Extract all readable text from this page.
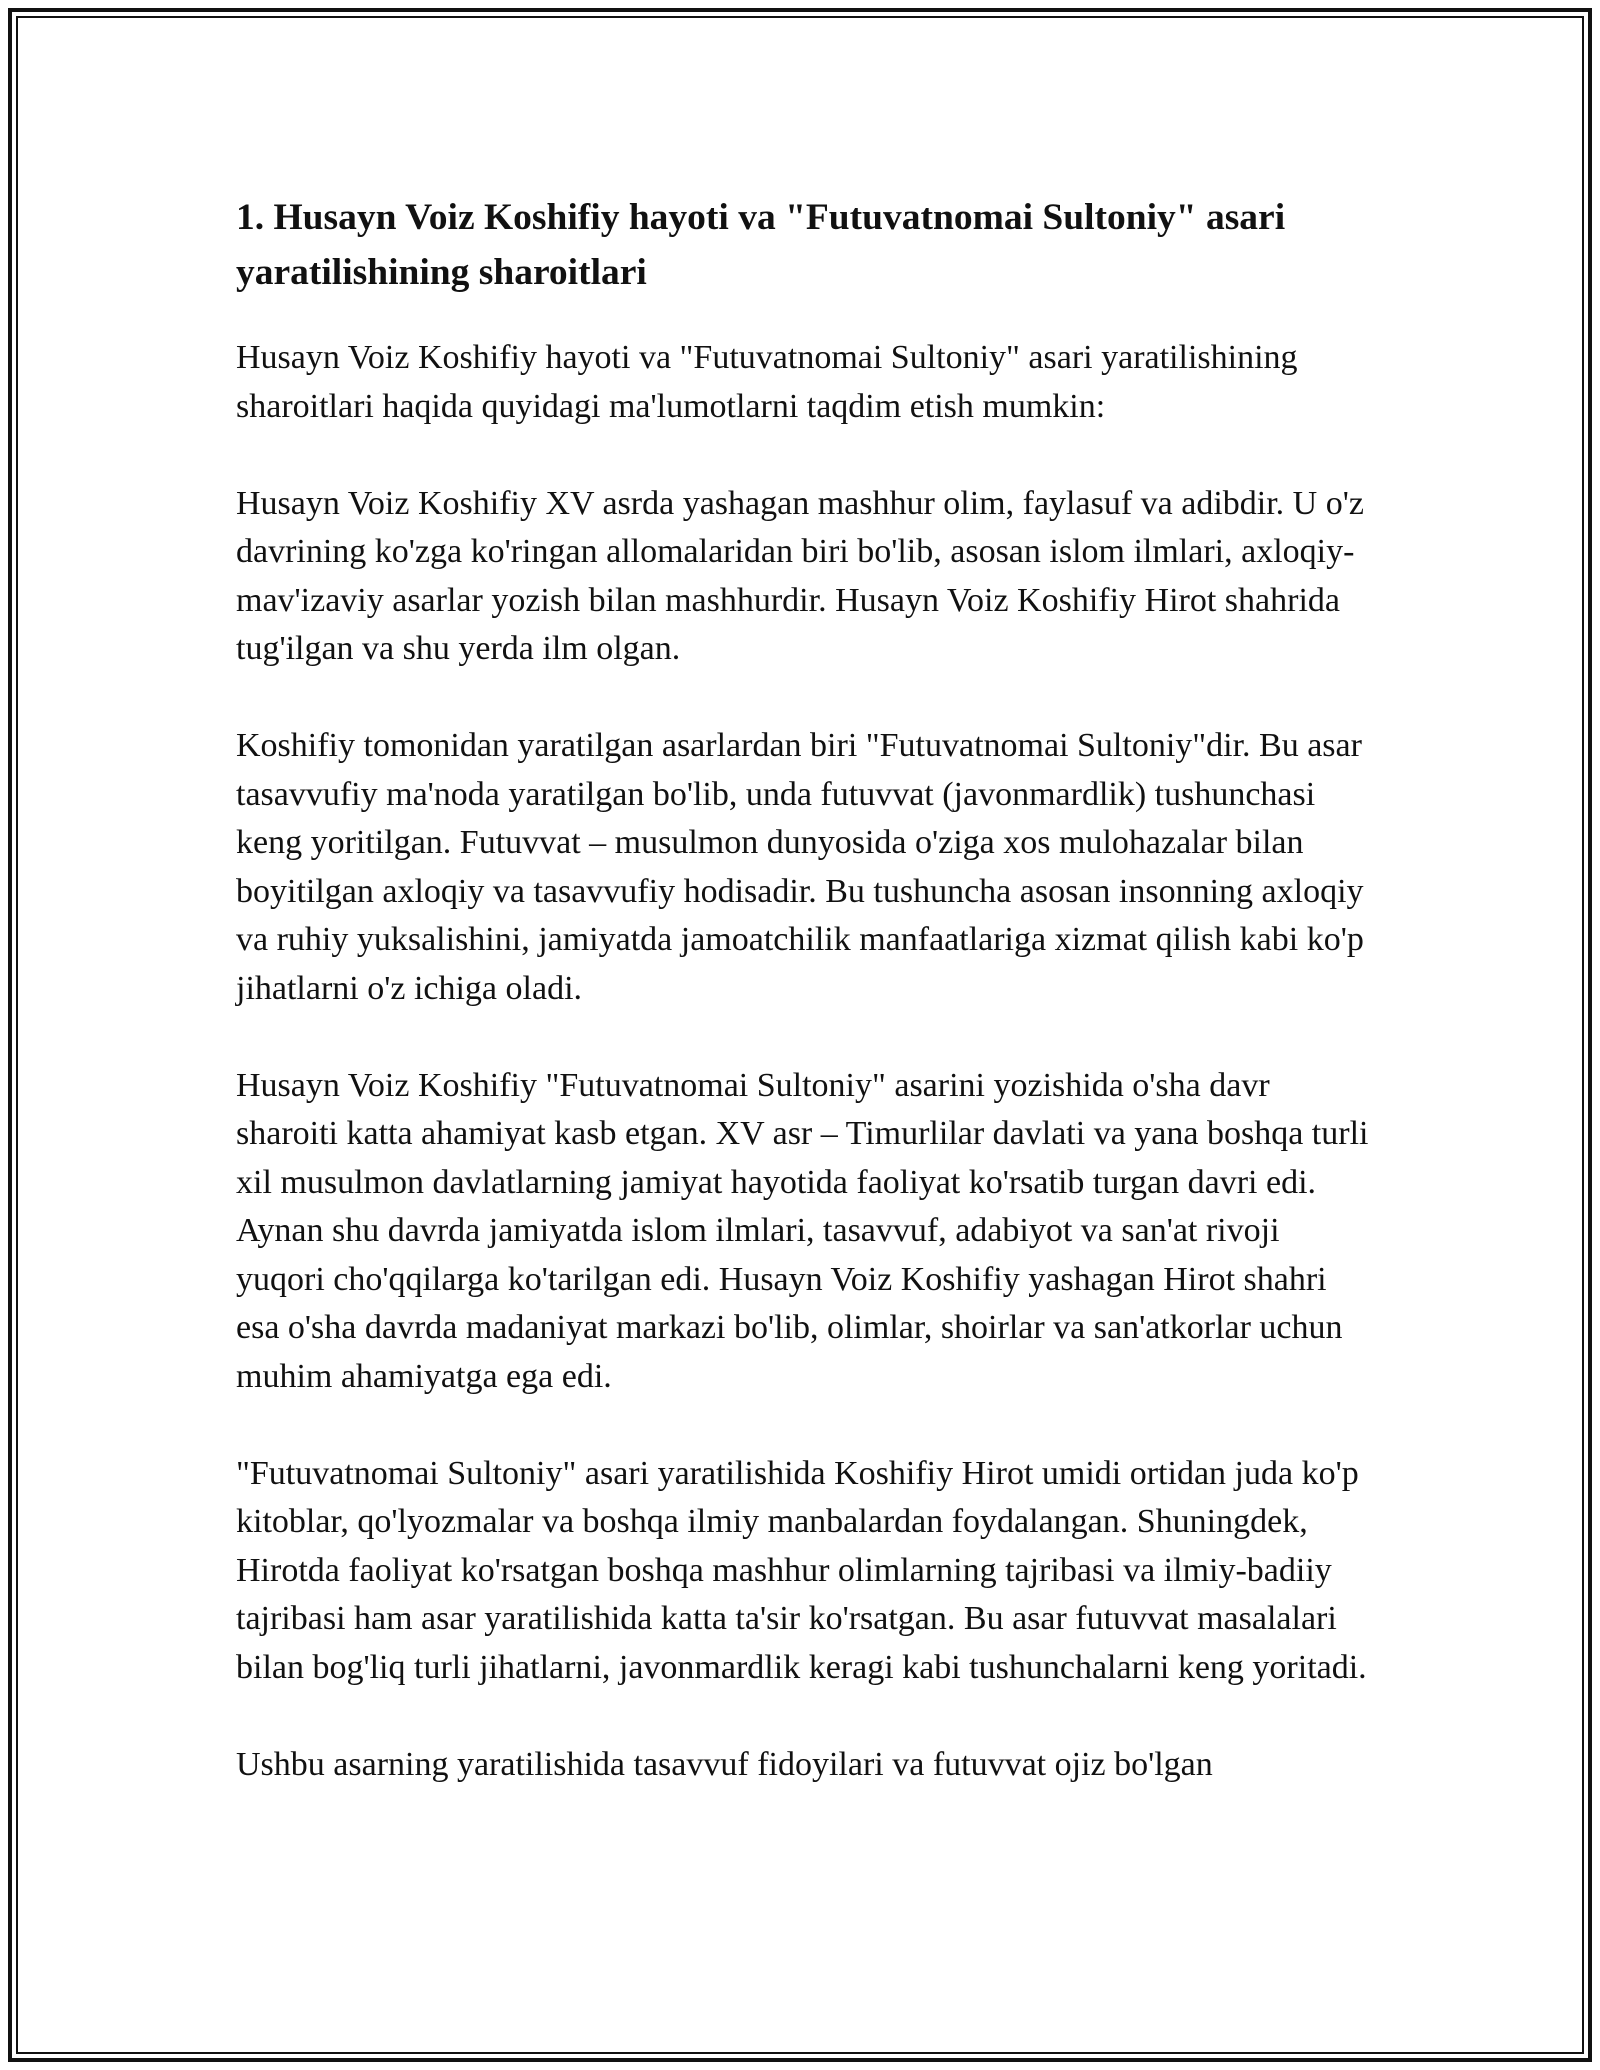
1. Husayn Voiz Koshifiy hayoti va "Futuvatnomai Sultoniy" asari yaratilishining sharoitlari

Husayn Voiz Koshifiy hayoti va "Futuvatnomai Sultoniy" asari yaratilishining sharoitlari haqida quyidagi ma'lumotlarni taqdim etish mumkin:

Husayn Voiz Koshifiy XV asrda yashagan mashhur olim, faylasuf va adibdir. U o'z davrining ko'zga ko'ringan allomalaridan biri bo'lib, asosan islom ilmlari, axloqiy-mav'izaviy asarlar yozish bilan mashhurdir. Husayn Voiz Koshifiy Hirot shahrida tug'ilgan va shu yerda ilm olgan.

Koshifiy tomonidan yaratilgan asarlardan biri "Futuvatnomai Sultoniy"dir. Bu asar tasavvufiy ma'noda yaratilgan bo'lib, unda futuvvat (javonmardlik) tushunchasi keng yoritilgan. Futuvvat – musulmon dunyosida o'ziga xos mulohazalar bilan boyitilgan axloqiy va tasavvufiy hodisadir. Bu tushuncha asosan insonning axloqiy va ruhiy yuksalishini, jamiyatda jamoatchilik manfaatlariga xizmat qilish kabi ko'p jihatlarni o'z ichiga oladi.

Husayn Voiz Koshifiy "Futuvatnomai Sultoniy" asarini yozishida o'sha davr sharoiti katta ahamiyat kasb etgan. XV asr – Timurlilar davlati va yana boshqa turli xil musulmon davlatlarning jamiyat hayotida faoliyat ko'rsatib turgan davri edi. Aynan shu davrda jamiyatda islom ilmlari, tasavvuf, adabiyot va san'at rivoji yuqori cho'qqilarga ko'tarilgan edi. Husayn Voiz Koshifiy yashagan Hirot shahri esa o'sha davrda madaniyat markazi bo'lib, olimlar, shoirlar va san'atkorlar uchun muhim ahamiyatga ega edi.

"Futuvatnomai Sultoniy" asari yaratilishida Koshifiy Hirot umidi ortidan juda ko'p kitoblar, qo'lyozmalar va boshqa ilmiy manbalardan foydalangan. Shuningdek, Hirotda faoliyat ko'rsatgan boshqa mashhur olimlarning tajribasi va ilmiy-badiiy tajribasi ham asar yaratilishida katta ta'sir ko'rsatgan. Bu asar futuvvat masalalari bilan bog'liq turli jihatlarni, javonmardlik keragi kabi tushunchalarni keng yoritadi.

Ushbu asarning yaratilishida tasavvuf fidoyilari va futuvvat ojiz bo'lgan
